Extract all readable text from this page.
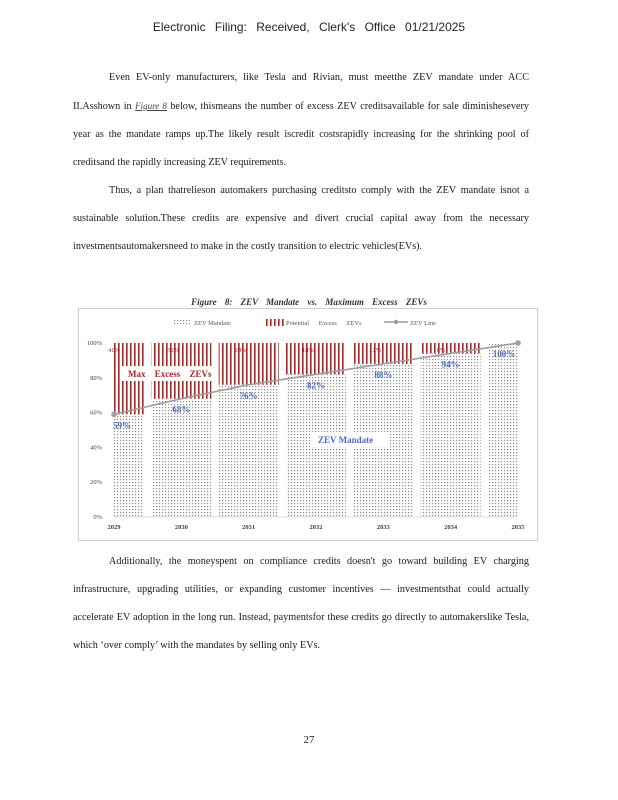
Electronic Filing: Received, Clerk's Office 01/21/2025

Even EV-only manufacturers, like Tesla and Rivian, must meetthe ZEV mandate under ACC II.Asshown in Figure 8 below, thismeans the number of excess ZEV creditsavailable for sale diminishesevery year as the mandate ramps up.The likely result iscredit costsrapidly increasing for the shrinking pool of creditsand the rapidly increasing ZEV requirements.

Thus, a plan thatrelieson automakers purchasing creditsto comply with the ZEV mandate isnot a sustainable solution.These credits are expensive and divert crucial capital away from the necessary investmentsautomakersneed to make in the costly transition to electric vehicles(EVs).

Figure 8: ZEV Mandate vs. Maximum Excess ZEVs
ZEV Mandate	Potential Excess ZEVs	ZEV Line
0%
20%
40%
60%
80%
100%
59%
41%
68%
32%
76%
24%
82%
18%
88%
12%
94%
6%	100%
2029	2030	2031	2032	2033	2034	2035
Max Excess ZEVs
ZEV Mandate

Additionally, the moneyspent on compliance credits doesn't go toward building EV charging infrastructure, upgrading utilities, or expanding customer incentives — investmentsthat could actually accelerate EV adoption in the long run. Instead, paymentsfor these credits go directly to automakerslike Tesla, which ‘over comply’ with the mandates by selling only EVs.

27
